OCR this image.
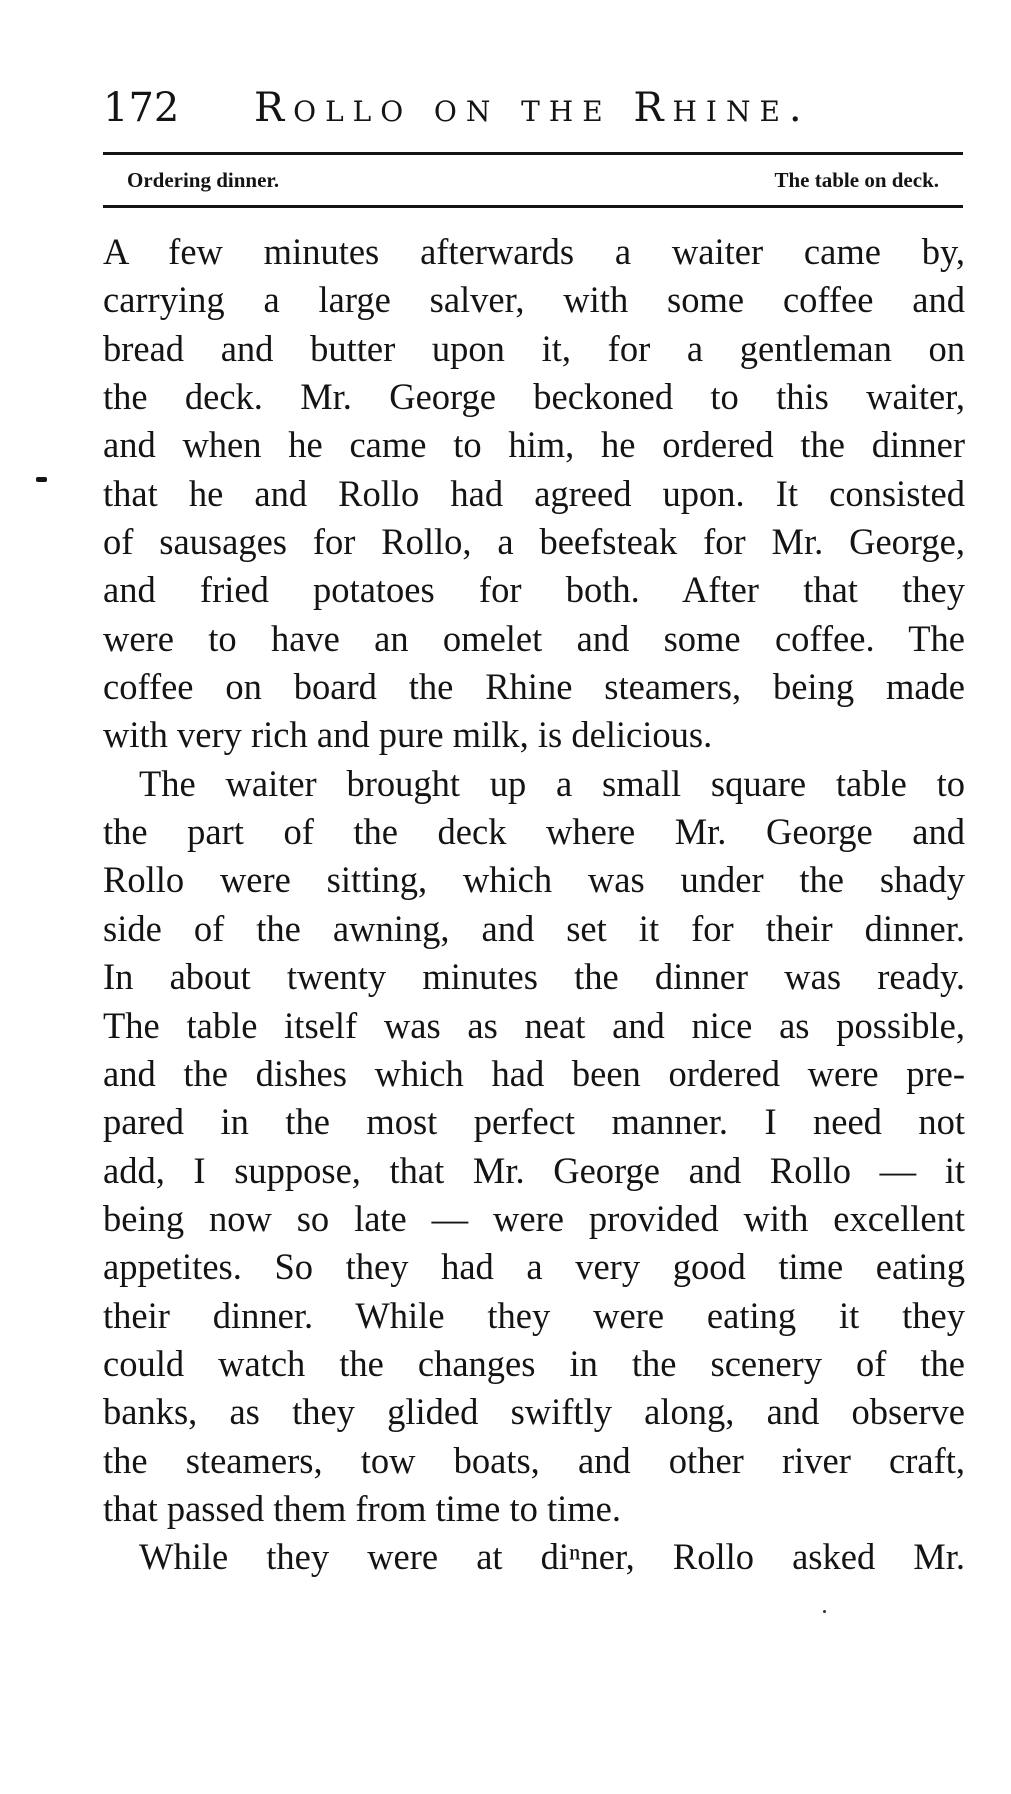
172 Rollo on the Rhine.
Ordering dinner.	The table on deck.
A few minutes afterwards a waiter came by,
carrying a large salver, with some coffee and
bread and butter upon it, for a gentleman on
the deck. Mr. George beckoned to this waiter,
and when he came to him, he ordered the dinner
that he and Rollo had agreed upon. It consisted
of sausages for Rollo, a beefsteak for Mr. George,
and fried potatoes for both. After that they
were to have an omelet and some coffee. The
coffee on board the Rhine steamers, being made
with very rich and pure milk, is delicious.
The waiter brought up a small square table to
the part of the deck where Mr. George and
Rollo were sitting, which was under the shady
side of the awning, and set it for their dinner.
In about twenty minutes the dinner was ready.
The table itself was as neat and nice as possible,
and the dishes which had been ordered were pre-
pared in the most perfect manner. I need not
add, I suppose, that Mr. George and Rollo — it
being now so late — were provided with excellent
appetites. So they had a very good time eating
their dinner. While they were eating it they
could watch the changes in the scenery of the
banks, as they glided swiftly along, and observe
the steamers, tow boats, and other river craft,
that passed them from time to time.
While they were at diⁿner, Rollo asked Mr.
